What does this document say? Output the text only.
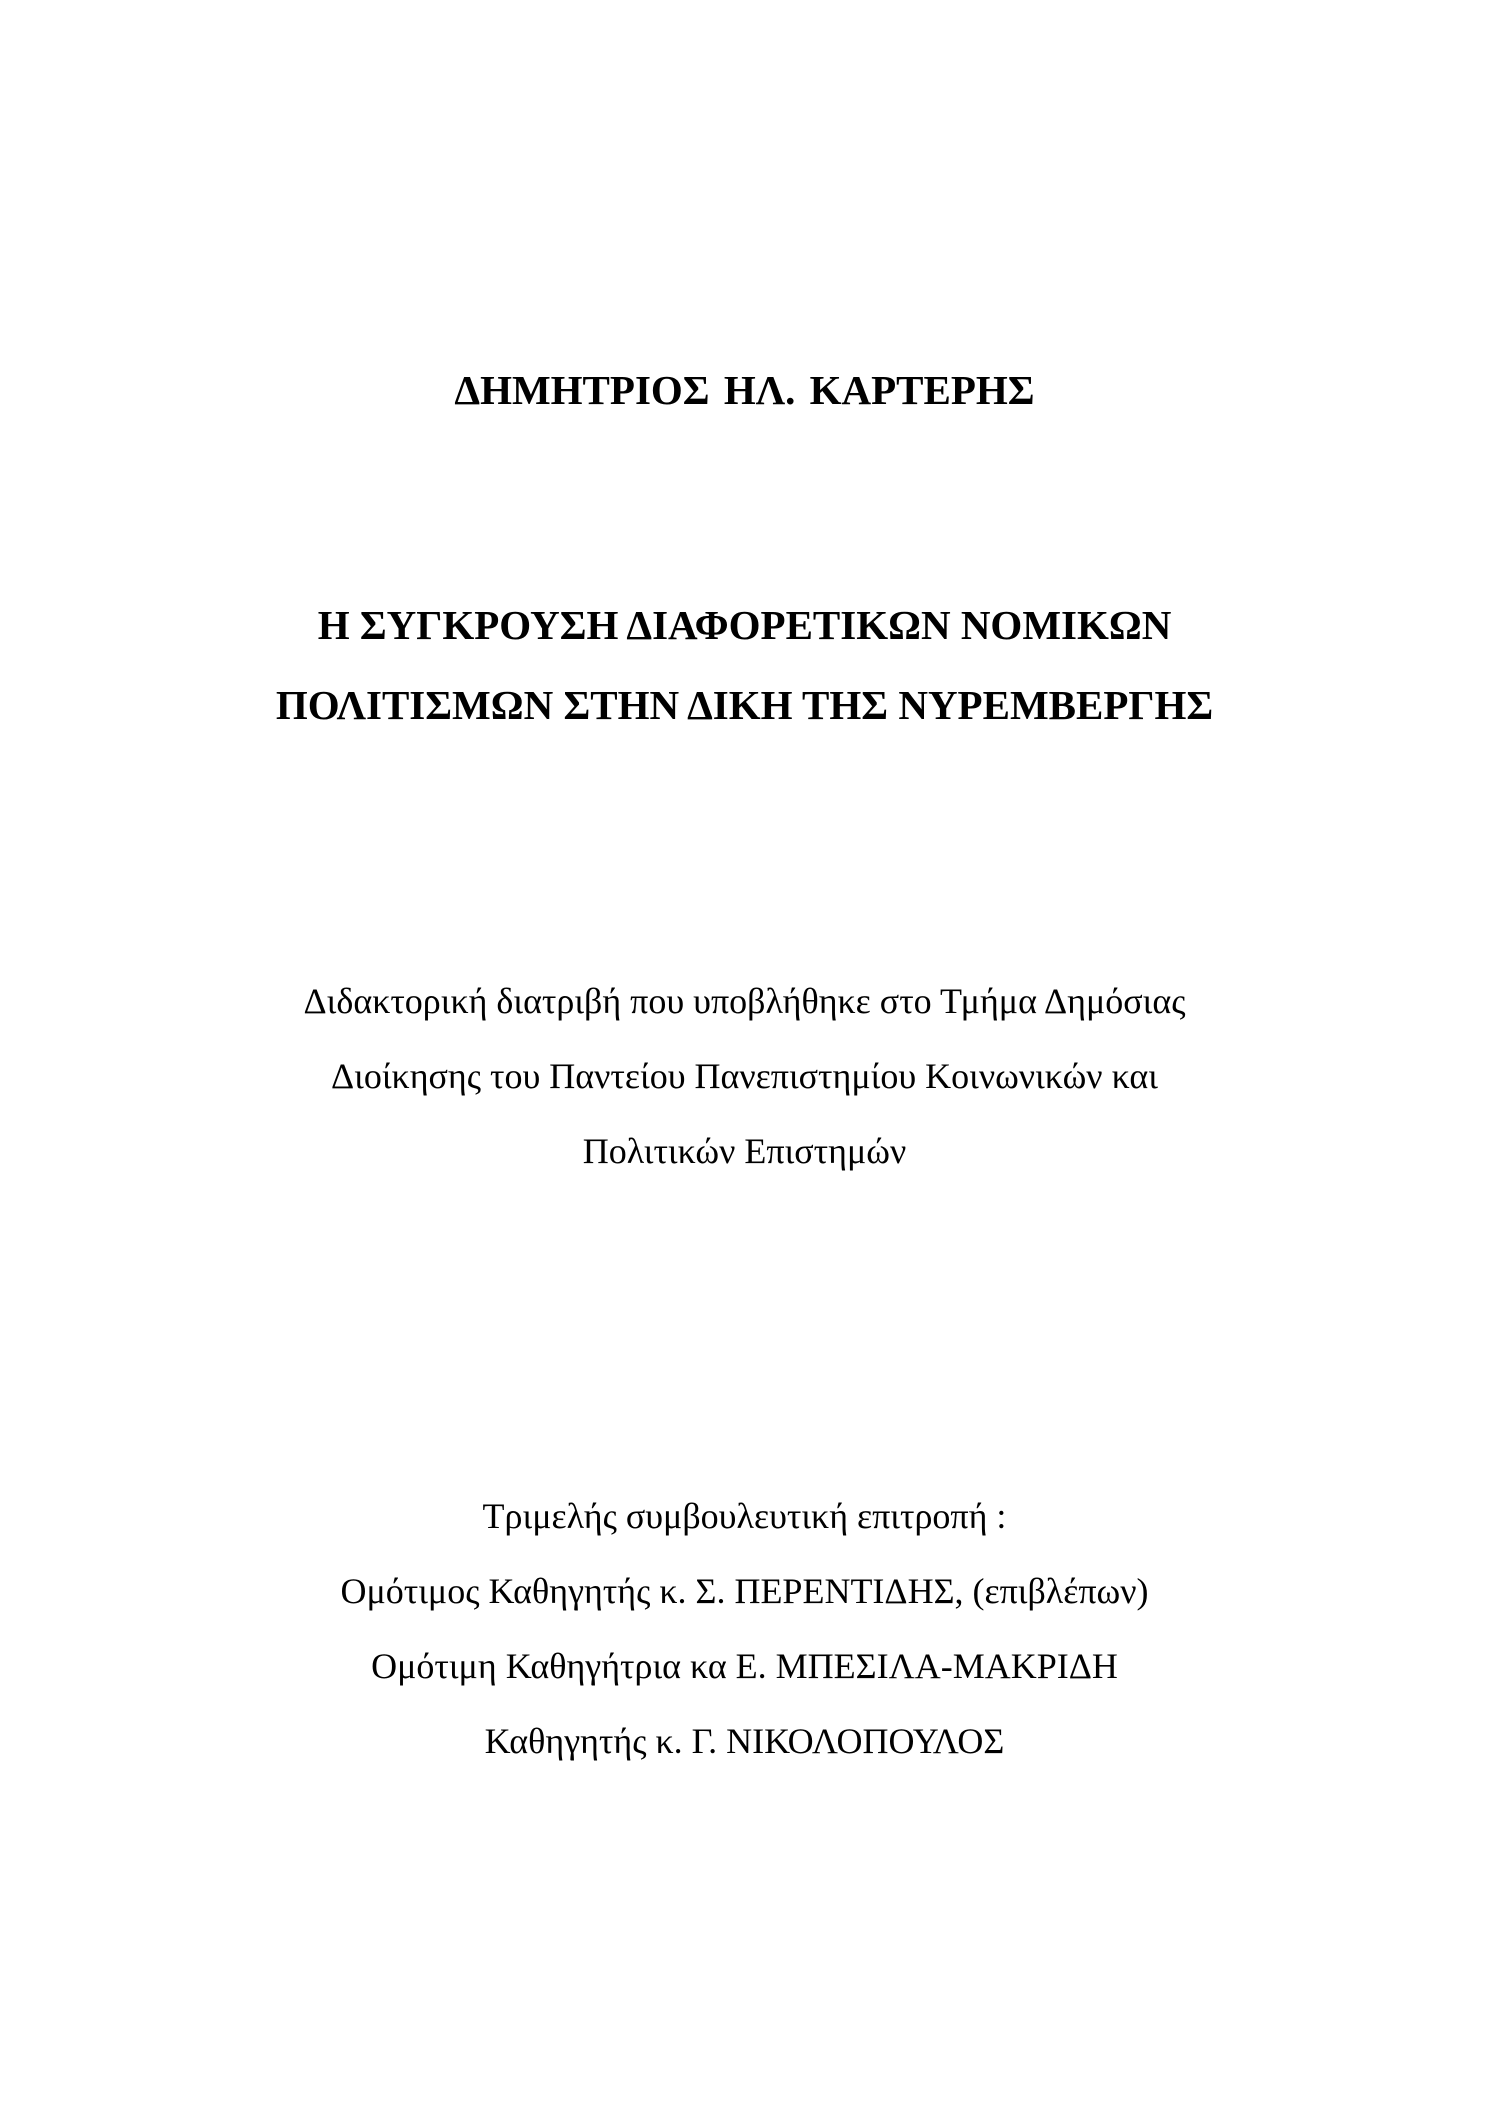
ΔΗΜΗΤΡΙΟΣ ΗΛ. ΚΑΡΤΕΡΗΣ
Η ΣΥΓΚΡΟΥΣΗ ΔΙΑΦΟΡΕΤΙΚΩΝ ΝΟΜΙΚΩΝ
ΠΟΛΙΤΙΣΜΩΝ ΣΤΗΝ ΔΙΚΗ ΤΗΣ ΝΥΡΕΜΒΕΡΓΗΣ
Διδακτορική διατριβή που υποβλήθηκε στο Τμήμα Δημόσιας
Διοίκησης του Παντείου Πανεπιστημίου Κοινωνικών και
Πολιτικών Επιστημών
Τριμελής συμβουλευτική επιτροπή :
Ομότιμος Καθηγητής κ. Σ. ΠΕΡΕΝΤΙΔΗΣ, (επιβλέπων)
Ομότιμη Καθηγήτρια κα Ε. ΜΠΕΣΙΛΑ-ΜΑΚΡΙΔΗ
Καθηγητής κ. Γ. ΝΙΚΟΛΟΠΟΥΛΟΣ
